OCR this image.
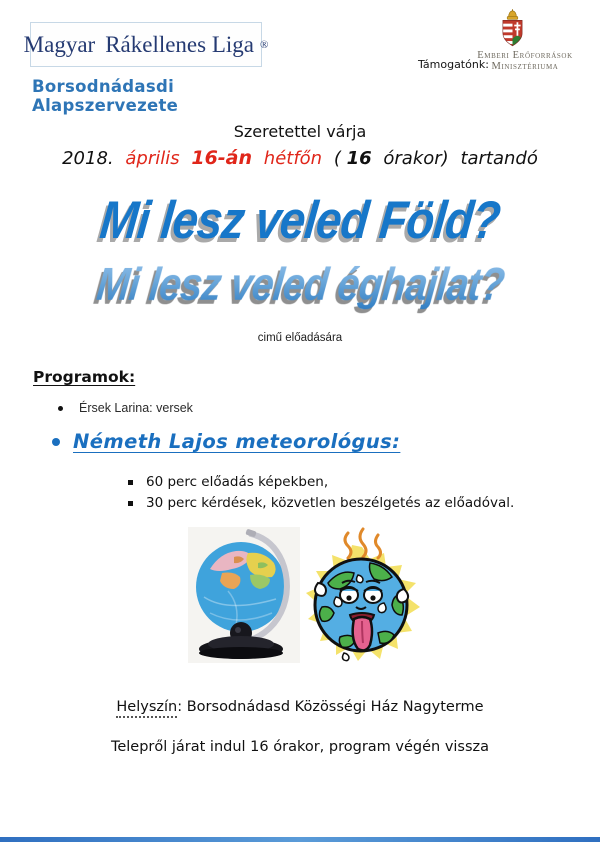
Magyar Rákellenes Liga ®
Borsodnádasdi Alapszervezete
Támogatónk:
Emberi Erőforrások
Minisztériuma
Szeretettel várja
2018. április 16-án hétfőn ( 16 órakor) tartandó
Mi lesz veled Föld?
Mi lesz veled éghajlat?
cimű előadására
Programok:
Érsek Larina: versek
Németh Lajos meteorológus:
60 perc előadás képekben,
30 perc kérdések, közvetlen beszélgetés az előadóval.
Helyszín: Borsodnádasd Közösségi Ház Nagyterme
Telepről járat indul 16 órakor, program végén vissza
